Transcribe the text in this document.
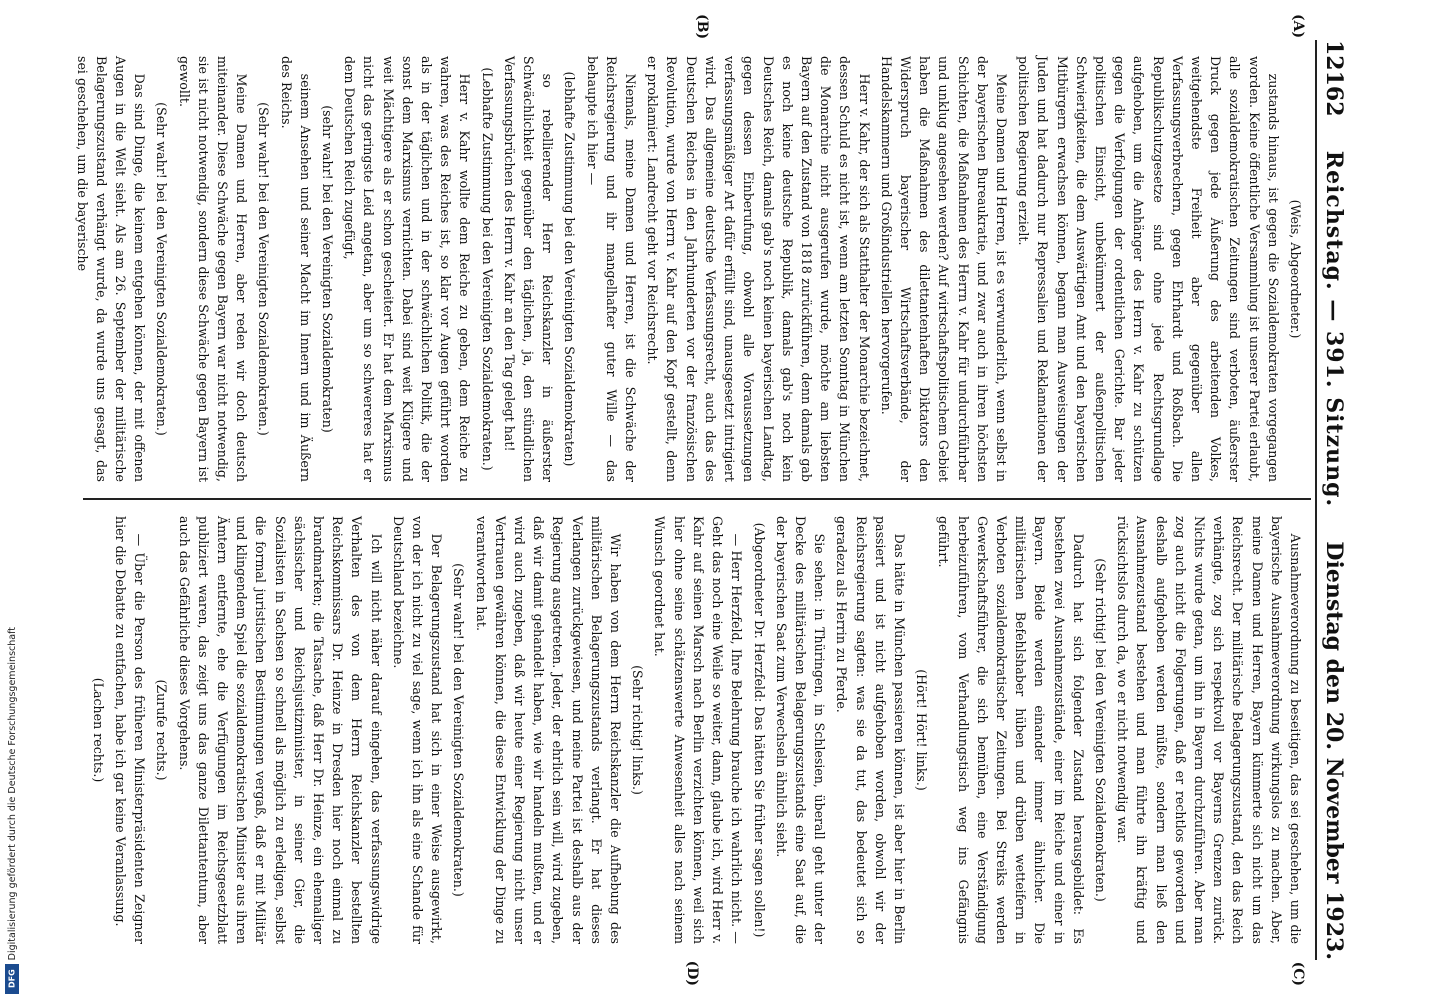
12162
Reichstag. — 391. Sitzung.
Dienstag den 20. November 1923.
(A)
(B)

(Weis, Abgeordneter.)

zustands hinaus, ist gegen die Sozialdemokraten vorgegangen worden. Keine öffentliche Versammlung ist unserer Partei erlaubt, alle sozialdemokratischen Zeitungen sind verboten, äußerster Druck gegen jede Äußerung des arbeitenden Volkes, weitgehendste Freiheit aber gegenüber allen Verfassungsverbrechern, gegen Ehrhardt und Roßbach. Die Republikschutzgesetze sind ohne jede Rechtsgrundlage aufgehoben, um die Anhänger des Herrn v. Kahr zu schützen gegen die Verfolgungen der ordentlichen Gerichte. Bar jeder politischen Einsicht, unbekümmert der außenpolitischen Schwierigkeiten, die dem Auswärtigen Amt und den bayerischen Mitbürgern erwachsen können, begann man Ausweisungen der Juden und hat dadurch nur Repressalien und Reklamationen der politischen Regierung erzielt.

Meine Damen und Herren, ist es verwunderlich, wenn selbst in der bayerischen Bureaukratie, und zwar auch in ihren höchsten Schichten, die Maßnahmen des Herrn v. Kahr für undurchführbar und unklug angesehen werden? Auf wirtschaftspolitischem Gebiet haben die Maßnahmen des dilettantenhaften Diktators den Widerspruch bayerischer Wirtschaftsverbände, der Handelskammern und Großindustriellen hervorgerufen.

Herr v. Kahr, der sich als Statthalter der Monarchie bezeichnet, dessen Schuld es nicht ist, wenn am letzten Sonntag in München die Monarchie nicht ausgerufen wurde, möchte am liebsten Bayern auf den Zustand von 1818 zurückführen, denn damals gab es noch keine deutsche Republik, damals gab's noch kein Deutsches Reich, damals gab's noch keinen bayerischen Landtag, gegen dessen Einberufung, obwohl alle Voraussetzungen verfassungsmäßiger Art dafür erfüllt sind, unausgesetzt intrigiert wird. Das allgemeine deutsche Verfassungsrecht, auch das des Deutschen Reiches in den Jahrhunderten vor der französischen Revolution, wurde von Herrn v. Kahr auf den Kopf gestellt, denn er proklamiert: Landrecht geht vor Reichsrecht.

Niemals, meine Damen und Herren, ist die Schwäche der Reichsregierung und ihr mangelhafter guter Wille — das behaupte ich hier —

(lebhafte Zustimmung bei den Vereinigten Sozialdemokraten)

so rebellierender Herr Reichskanzler in äußerster Schwächlichkeit gegenüber den täglichen, ja, den stündlichen Verfassungsbrüchen des Herrn v. Kahr an den Tag gelegt hat!

(Lebhafte Zustimmung bei den Vereinigten Sozialdemokraten.)

Herr v. Kahr wollte dem Reiche zu geben, dem Reiche zu wahren, was des Reiches ist, so klar vor Augen geführt worden als in der täglichen und in der schwächlichen Politik, die der sonst dem Marxismus vernichten. Dabei sind weit Klügere und weit Mächtigere als er schon gescheitert. Er hat dem Marxismus nicht das geringste Leid angetan, aber um so schwereres hat er dem Deutschen Reich zugefügt,

(sehr wahr! bei den Vereinigten Sozialdemokraten)

seinem Ansehen und seiner Macht im Innern und im Äußern des Reichs.

(Sehr wahr! bei den Vereinigten Sozialdemokraten.)

Meine Damen und Herren, aber reden wir doch deutsch miteinander. Diese Schwäche gegen Bayern war nicht notwendig, sie ist nicht notwendig, sondern diese Schwäche gegen Bayern ist gewollt.

(Sehr wahr! bei den Vereinigten Sozialdemokraten.)

Das sind Dinge, die keinem entgehen können, der mit offenen Augen in die Welt sieht. Als am 26. September der militärische Belagerungszustand verhängt wurde, da wurde uns gesagt, das sei geschehen, um die bayerische

(C)
(D)

Ausnahmeverordnung zu beseitigen, das sei geschehen, um die bayerische Ausnahmeverordnung wirkungslos zu machen. Aber, meine Damen und Herren, Bayern kümmerte sich nicht um das Reichsrecht. Der militärische Belagerungszustand, den das Reich verhängte, zog sich respektvoll vor Bayerns Grenzen zurück. Nichts wurde getan, um ihn in Bayern durchzuführen. Aber man zog auch nicht die Folgerungen, daß er rechtlos geworden und deshalb aufgehoben werden müßte, sondern man ließ den Ausnahmezustand bestehen und man führte ihn kräftig und rücksichtslos durch da, wo er nicht notwendig war.

(Sehr richtig! bei den Vereinigten Sozialdemokraten.)

Dadurch hat sich folgender Zustand herausgebildet: Es bestehen zwei Ausnahmezustände, einer im Reiche und einer in Bayern. Beide werden einander immer ähnlicher. Die militärischen Befehlshaber hüben und drüben wetteifern in Verboten sozialdemokratischer Zeitungen. Bei Streiks werden Gewerkschaftsführer, die sich bemühen, eine Verständigung herbeizuführen, vom Verhandlungstisch weg ins Gefängnis geführt.

(Hört! Hört! links.)

Das hätte in München passieren können, ist aber hier in Berlin passiert und ist nicht aufgehoben worden, obwohl wir der Reichsregierung sagten: was sie da tut, das bedeutet sich so geradezu als Herrin zu Pferde.

Sie sehen: in Thüringen, in Schlesien, überall geht unter der Decke des militärischen Belagerungszustands eine Saat auf, die der bayerischen Saat zum Verwechseln ähnlich sieht.

(Abgeordneter Dr. Herzfeld: Das hätten Sie früher sagen sollen!)

— Herr Herzfeld, Ihre Belehrung brauche ich wahrlich nicht. — Geht das noch eine Weile so weiter, dann, glaube ich, wird Herr v. Kahr auf seinen Marsch nach Berlin verzichten können, weil sich hier ohne seine schätzenswerte Anwesenheit alles nach seinem Wunsch geordnet hat.

(Sehr richtig! links.)

Wir haben von dem Herrn Reichskanzler die Aufhebung des militärischen Belagerungszustands verlangt. Er hat dieses Verlangen zurückgewiesen, und meine Partei ist deshalb aus der Regierung ausgetreten. Jeder, der ehrlich sein will, wird zugeben, daß wir damit gehandelt haben, wie wir handeln mußten, und er wird auch zugeben, daß wir heute einer Regierung nicht unser Vertrauen gewähren können, die diese Entwicklung der Dinge zu verantworten hat.

(Sehr wahr! bei den Vereinigten Sozialdemokraten.)

Der Belagerungszustand hat sich in einer Weise ausgewirkt, von der ich nicht zu viel sage, wenn ich ihn als eine Schande für Deutschland bezeichne.

Ich will nicht näher darauf eingehen, das verfassungswidrige Verhalten des von dem Herrn Reichskanzler bestellten Reichskommissars Dr. Heinze in Dresden hier noch einmal zu brandmarken; die Tatsache, daß Herr Dr. Heinze, ein ehemaliger sächsischer und Reichsjustizminister, in seiner Gier, die Sozialisten in Sachsen so schnell als möglich zu erledigen, selbst die formal juristischen Bestimmungen vergaß, daß er mit Militär und klingendem Spiel die sozialdemokratischen Minister aus ihren Ämtern entfernte, ehe die Verfügungen im Reichsgesetzblatt publiziert waren, das zeigt uns das ganze Dilettantentum, aber auch das Gefährliche dieses Vorgehens.

(Zurufe rechts.)

— Über die Person des früheren Ministerpräsidenten Zeigner hier die Debatte zu entfachen, habe ich gar keine Veranlassung.

(Lachen rechts.)

Digitalisierung gefördert durch die Deutsche Forschungsgemeinschaft
DFG
